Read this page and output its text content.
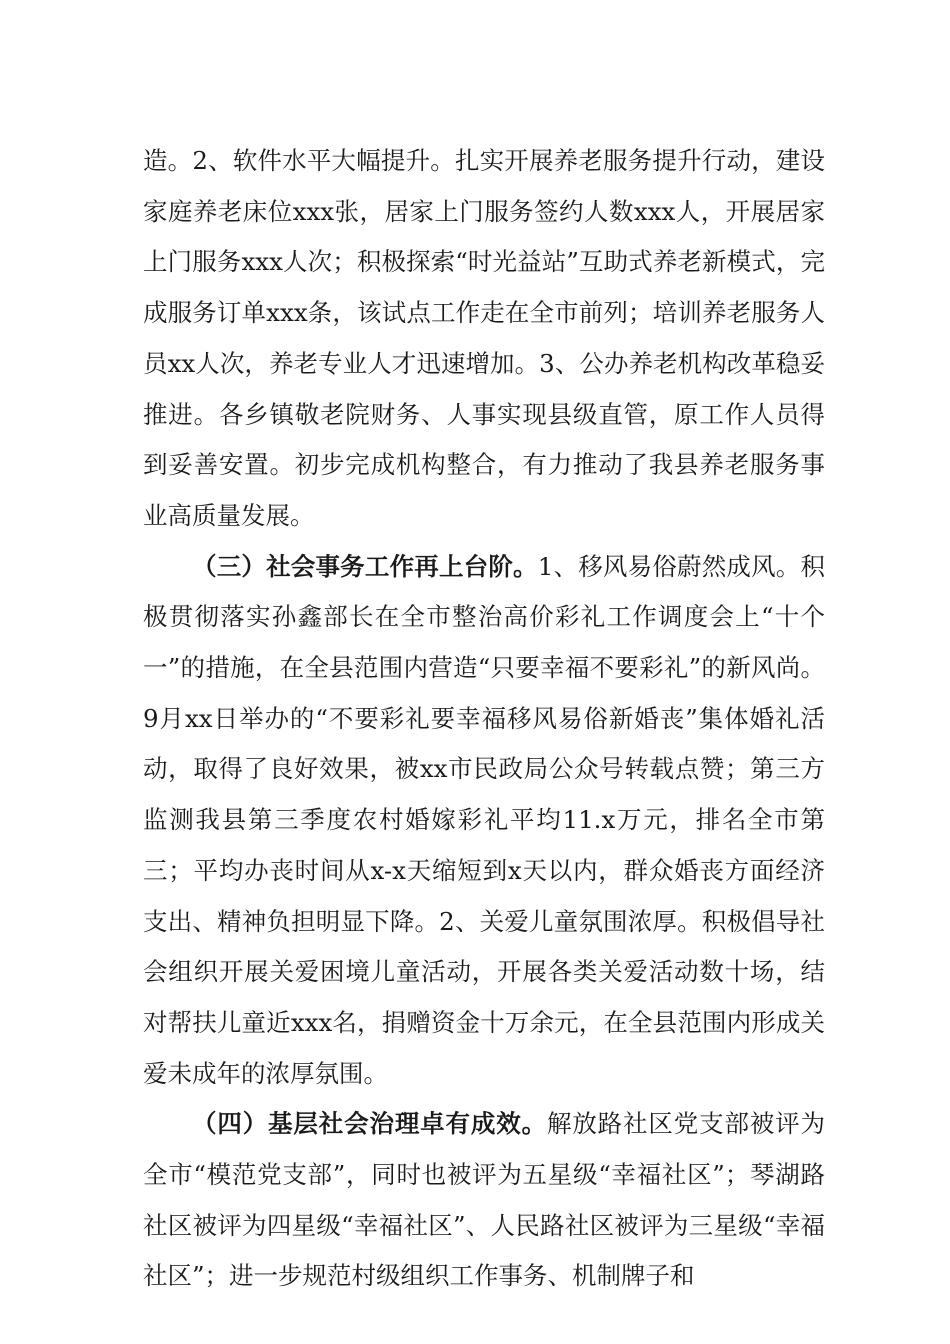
造。2、软件水平大幅提升。扎实开展养老服务提升行动，建设家庭养老床位xxx张，居家上门服务签约人数xxx人，开展居家上门服务xxx人次；积极探索“时光益站”互助式养老新模式，完成服务订单xxx条，该试点工作走在全市前列；培训养老服务人员xx人次，养老专业人才迅速增加。3、公办养老机构改革稳妥推进。各乡镇敬老院财务、人事实现县级直管，原工作人员得到妥善安置。初步完成机构整合，有力推动了我县养老服务事业高质量发展。

（三）社会事务工作再上台阶。1、移风易俗蔚然成风。积极贯彻落实孙鑫部长在全市整治高价彩礼工作调度会上“十个一”的措施，在全县范围内营造“只要幸福不要彩礼”的新风尚。9月xx日举办的“不要彩礼要幸福移风易俗新婚丧”集体婚礼活动，取得了良好效果，被xx市民政局公众号转载点赞；第三方监测我县第三季度农村婚嫁彩礼平均11.x万元，排名全市第三；平均办丧时间从x-x天缩短到x天以内，群众婚丧方面经济支出、精神负担明显下降。2、关爱儿童氛围浓厚。积极倡导社会组织开展关爱困境儿童活动，开展各类关爱活动数十场，结对帮扶儿童近xxx名，捐赠资金十万余元，在全县范围内形成关爱未成年的浓厚氛围。

（四）基层社会治理卓有成效。解放路社区党支部被评为全市“模范党支部”，同时也被评为五星级“幸福社区”；琴湖路社区被评为四星级“幸福社区”、人民路社区被评为三星级“幸福社区”；进一步规范村级组织工作事务、机制牌子和
